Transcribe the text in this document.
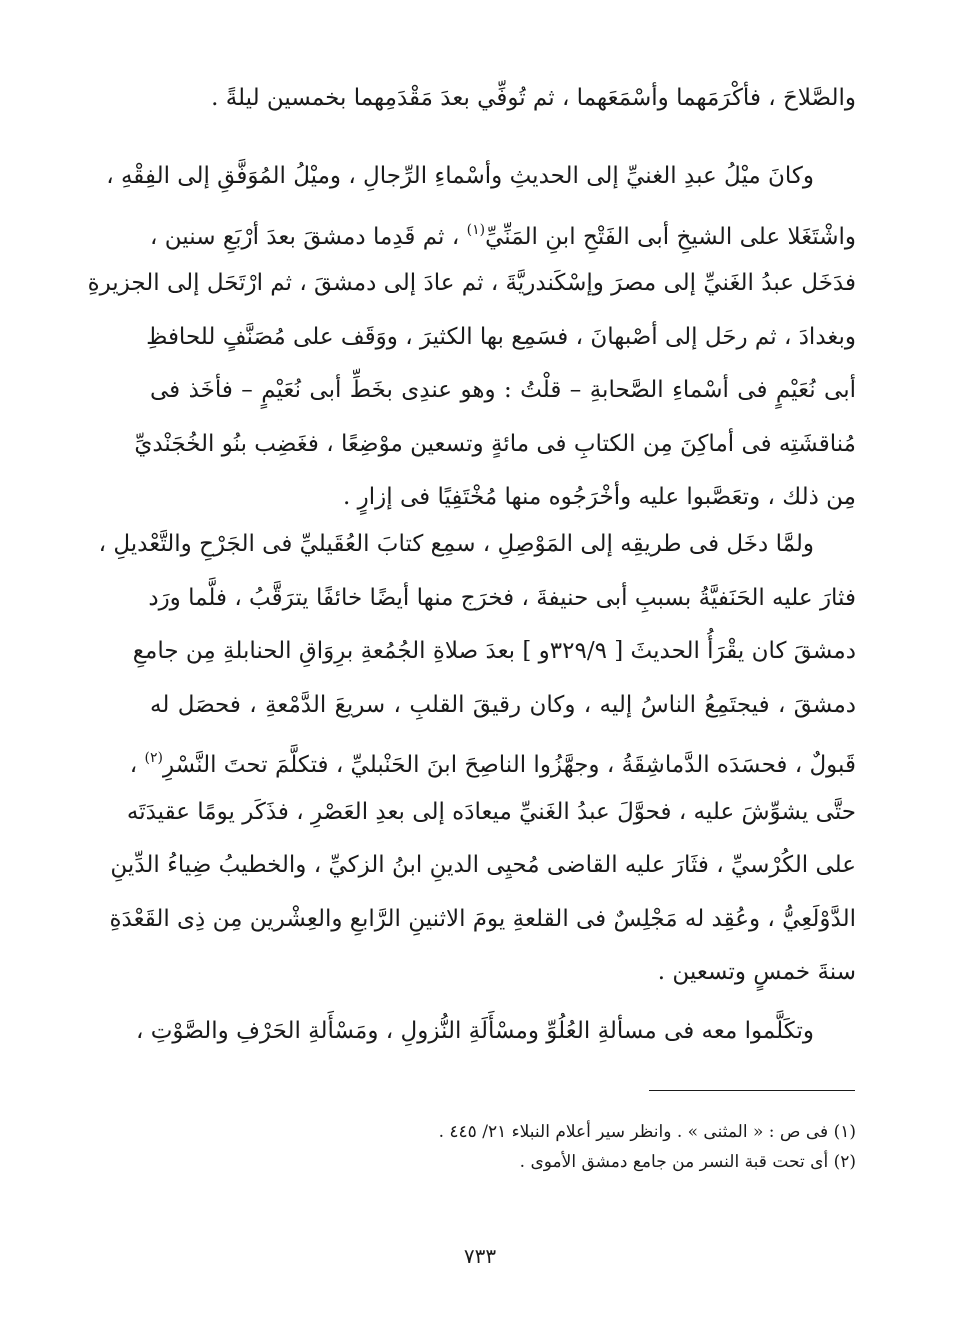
والصَّلاحَ ، فأكْرَمَهما وأسْمَعَهما ، ثم تُوفِّي بعدَ مَقْدَمِهما بخمسين ليلةً .
وكانَ ميْلُ عبدِ الغنيِّ إلى الحديثِ وأسْماءِ الرِّجالِ ، وميْلُ المُوَفَّقِ إلى الفِقْهِ ،
واشْتَغَلا على الشيخِ أبى الفَتْحِ ابنِ المَنِّيِّ$^{(١)}$ ، ثم قَدِما دمشقَ بعدَ أرْبَعِ سنين ،
فدَخَل عبدُ الغَنيِّ إلى مصرَ وإسْكَندريَّةَ ، ثم عادَ إلى دمشقَ ، ثم ارْتَحَل إلى الجزيرةِ
وبغدادَ ، ثم رحَل إلى أصْبهانَ ، فسَمِع بها الكثيرَ ، ووَقَف على مُصَنَّفٍ للحافظِ
أبى نُعَيْمٍ فى أسْماءِ الصَّحابةِ – قلْتُ : وهو عندِى بخَطِّ أبى نُعَيْمٍ – فأخَذ فى
مُناقشَتِه فى أماكِنَ مِن الكتابِ فى مائةٍ وتسعين موْضِعًا ، فغَضِب بنُو الخُجَنْديِّ
مِن ذلك ، وتعَصَّبوا عليه وأخْرَجُوه منها مُخْتَفِيًا فى إزارٍ .
ولمَّا دخَل فى طريقِه إلى المَوْصِلِ ، سمِع كتابَ العُقَيليِّ فى الجَرْحِ والتَّعْديلِ ،
فثارَ عليه الحَنَفيَّةُ بسببِ أبى حنيفةَ ، فخرَج منها أيضًا خائفًا يترَقَّبُ ، فلَّما ورَد
دمشقَ كان يقْرَأُ الحديثَ [ ٣٢٩/٩و ] بعدَ صلاةِ الجُمُعةِ برِوَاقِ الحنابلةِ مِن جامعِ
دمشقَ ، فيجتَمِعُ الناسُ إليه ، وكان رقيقَ القلبِ ، سريعَ الدَّمْعةِ ، فحصَل له
قَبولٌ ، فحسَدَه الدَّماشِقَةُ ، وجهَّزُوا الناصِحَ ابنَ الحَنْبليِّ ، فتكلَّمَ تحتَ النَّسْرِ$^{(٢)}$ ،
حتَّى يشوِّشَ عليه ، فحوَّلَ عبدُ الغَنيِّ ميعادَه إلى بعدِ العَصْرِ ، فذَكَر يومًا عقيدَتَه
على الكُرْسيِّ ، فثَارَ عليه القاضى مُحيِى الدينِ ابنُ الزكيِّ ، والخطيبُ ضِياءُ الدِّينِ
الدَّوْلَعِيُّ ، وعُقِد له مَجْلِسٌ فى القلعةِ يومَ الاثنينِ الرَّابعِ والعِشْرين مِن ذِى القَعْدَةِ
سنةَ خمسٍ وتسعين .
وتكَلَّموا معه فى مسألةِ العُلُوِّ ومسْأَلَةِ النُّزولِ ، ومَسْأَلةِ الحَرْفِ والصَّوْتِ ،
(١) فى ص : « المثنى » . وانظر سير أعلام النبلاء ٢١/ ٤٤٥ .
(٢) أى تحت قبة النسر من جامع دمشق الأموى .
٧٣٣
